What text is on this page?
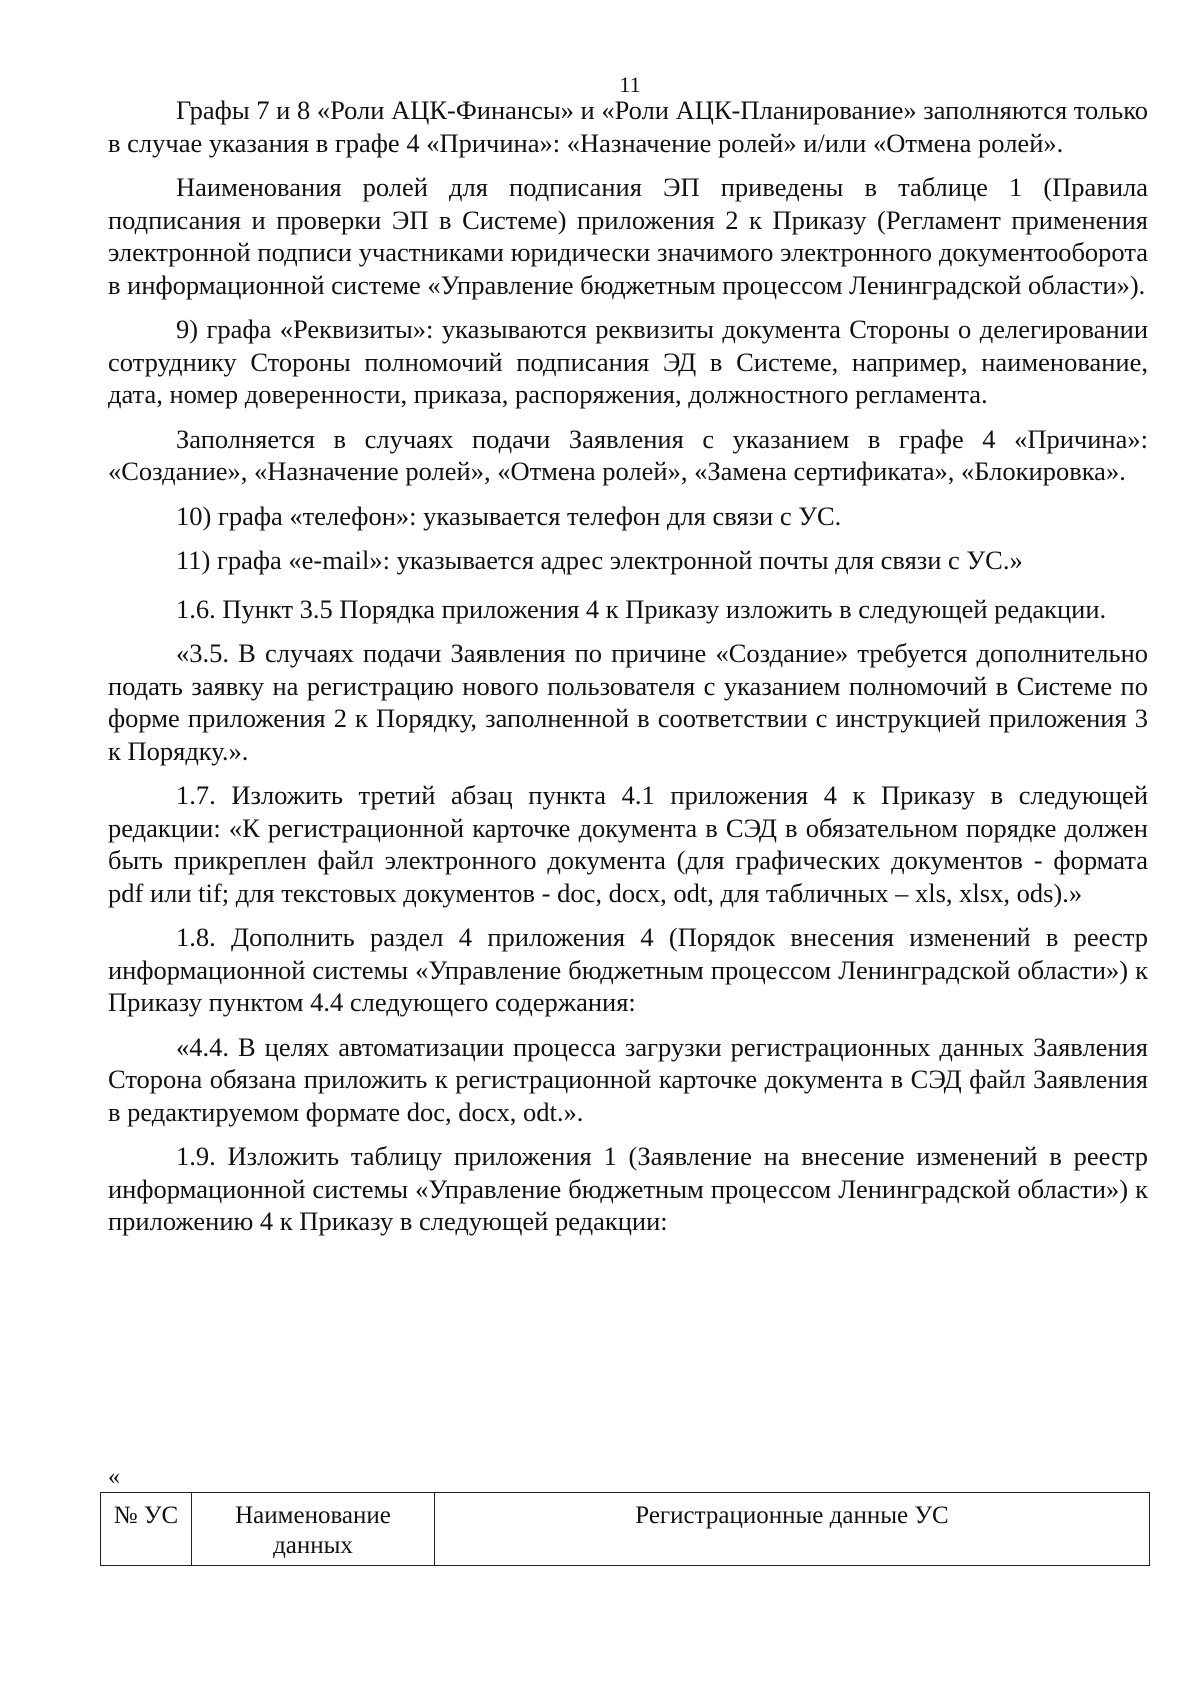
11

Графы 7 и 8 «Роли АЦК-Финансы» и «Роли АЦК-Планирование» заполняются только в случае указания в графе 4 «Причина»: «Назначение ролей» и/или «Отмена ролей».

Наименования ролей для подписания ЭП приведены в таблице 1 (Правила подписания и проверки ЭП в Системе) приложения 2 к Приказу (Регламент применения электронной подписи участниками юридически значимого электронного документооборота в информационной системе «Управление бюджетным процессом Ленинградской области»).

9) графа «Реквизиты»: указываются реквизиты документа Стороны о делегировании сотруднику Стороны полномочий подписания ЭД в Системе, например, наименование, дата, номер доверенности, приказа, распоряжения, должностного регламента.

Заполняется в случаях подачи Заявления с указанием в графе 4 «Причина»: «Создание», «Назначение ролей», «Отмена ролей», «Замена сертификата», «Блокировка».

10) графа «телефон»: указывается телефон для связи с УС.

11) графа «e-mail»: указывается адрес электронной почты для связи с УС.»

1.6. Пункт 3.5 Порядка приложения 4 к Приказу изложить в следующей редакции.

«3.5. В случаях подачи Заявления по причине «Создание» требуется дополнительно подать заявку на регистрацию нового пользователя с указанием полномочий в Системе по форме приложения 2 к Порядку, заполненной в соответствии с инструкцией приложения 3 к Порядку.».

1.7. Изложить третий абзац пункта 4.1 приложения 4 к Приказу в следующей редакции: «К регистрационной карточке документа в СЭД в обязательном порядке должен быть прикреплен файл электронного документа (для графических документов - формата pdf или tif; для текстовых документов - doc, docx, odt, для табличных – xls, xlsx, ods).»

1.8. Дополнить раздел 4 приложения 4 (Порядок внесения изменений в реестр информационной системы «Управление бюджетным процессом Ленинградской области») к Приказу пунктом 4.4 следующего содержания:

«4.4. В целях автоматизации процесса загрузки регистрационных данных Заявления Сторона обязана приложить к регистрационной карточке документа в СЭД файл Заявления в редактируемом формате doc, docx, odt.».

1.9. Изложить таблицу приложения 1 (Заявление на внесение изменений в реестр информационной системы «Управление бюджетным процессом Ленинградской области») к приложению 4 к Приказу в следующей редакции:

«
№ УС	Наименование данных	Регистрационные данные УС
